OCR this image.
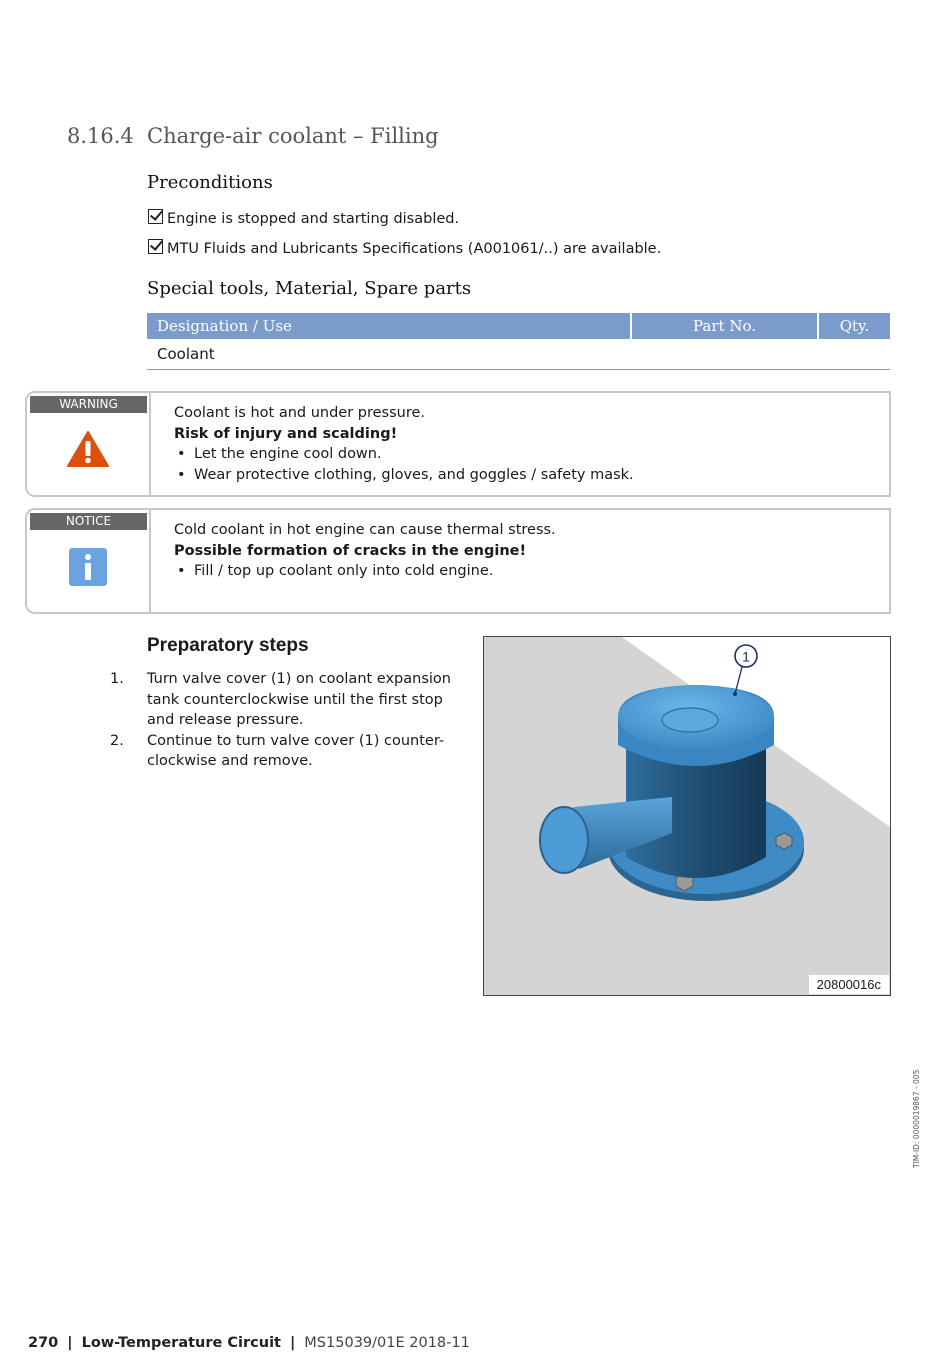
8.16.4 Charge-air coolant – Filling
Preconditions
Engine is stopped and starting disabled.
MTU Fluids and Lubricants Specifications (A001061/..) are available.
Special tools, Material, Spare parts
Designation / Use	Part No.	Qty.
Coolant		
WARNING
Coolant is hot and under pressure.
Risk of injury and scalding!
• Let the engine cool down.
• Wear protective clothing, gloves, and goggles / safety mask.
NOTICE
Cold coolant in hot engine can cause thermal stress.
Possible formation of cracks in the engine!
• Fill / top up coolant only into cold engine.
Preparatory steps
1. Turn valve cover (1) on coolant expansion tank counterclockwise until the first stop and release pressure.
2. Continue to turn valve cover (1) counter-clockwise and remove.
1
20800016c
TIM-ID: 0000019867 - 005
270 | Low-Temperature Circuit | MS15039/01E 2018-11
